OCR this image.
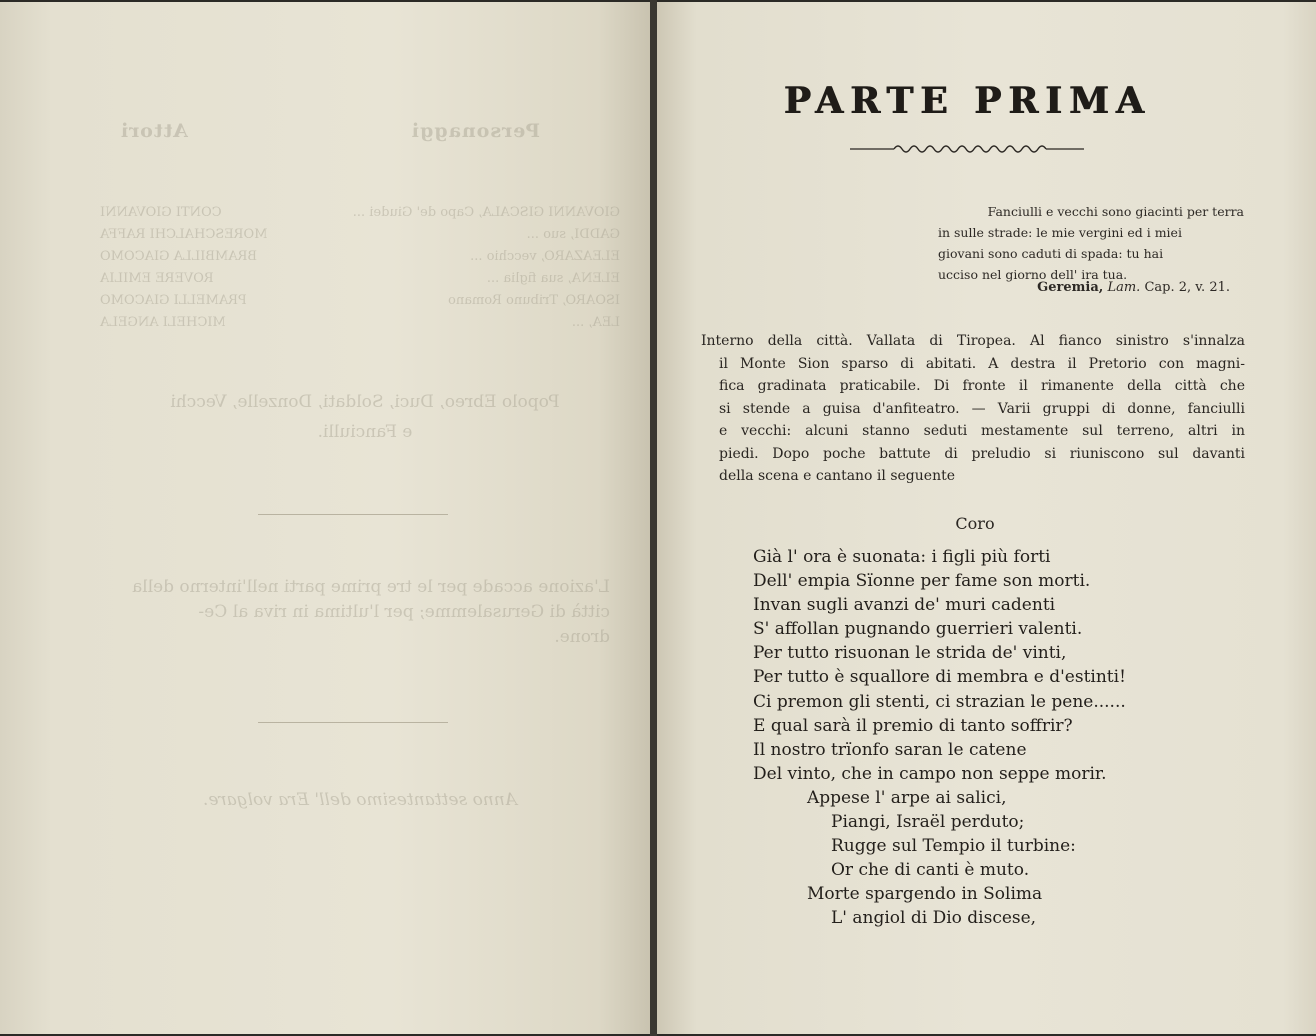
Personaggi
Attori
GIOVANNI GISCALA, Capo de' Giudei ...
CONTI GIOVANNI
GADDI, suo ...
MORESCHALCHI RAFFA
ELEAZARO, vecchio ...
BRAMBILLA GIACOMO
ELENA, sua figlia ...
ROVERE EMILIA
ISOARO, Tribuno Romano
PRAMELLI GIACOMO
LEA, ...
MICHELI ANGELA
Popolo Ebreo, Duci, Soldati, Donzelle, Vecchi
e Fanciulli.
L'azione accade per le tre prime parti nell'interno della
città di Gerusalemme; per l'ultima in riva al Ce-
drone.
Anno settantesimo dell' Era volgare.
PARTE PRIMA
Fanciulli e vecchi sono giacinti per terra
in sulle strade: le mie vergini ed i miei
giovani sono caduti di spada: tu hai
ucciso nel giorno dell' ira tua.
Geremia, Lam. Cap. 2, v. 21.
Interno della città. Vallata di Tiropea. Al fianco sinistro s'innalza
il Monte Sion sparso di abitati. A destra il Pretorio con magni-
fica gradinata praticabile. Di fronte il rimanente della città che
si stende a guisa d'anfiteatro. — Varii gruppi di donne, fanciulli
e vecchi: alcuni stanno seduti mestamente sul terreno, altri in
piedi. Dopo poche battute di preludio si riuniscono sul davanti
della scena e cantano il seguente
Coro
Già l' ora è suonata: i figli più forti
Dell' empia Sïonne per fame son morti.
Invan sugli avanzi de' muri cadenti
S' affollan pugnando guerrieri valenti.
Per tutto risuonan le strida de' vinti,
Per tutto è squallore di membra e d'estinti!
Ci premon gli stenti, ci strazian le pene......
E qual sarà il premio di tanto soffrir?
Il nostro trïonfo saran le catene
Del vinto, che in campo non seppe morir.
Appese l' arpe ai salici,
Piangi, Israël perduto;
Rugge sul Tempio il turbine:
Or che di canti è muto.
Morte spargendo in Solima
L' angiol di Dio discese,
